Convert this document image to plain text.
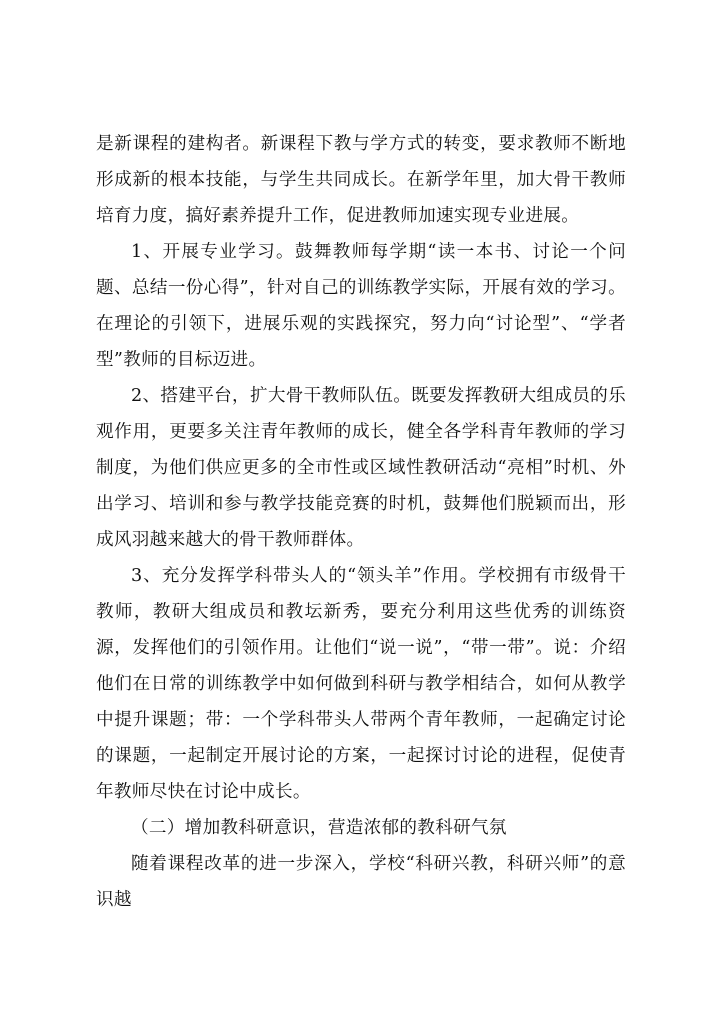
是新课程的建构者。新课程下教与学方式的转变，要求教师不断地形成新的根本技能，与学生共同成长。在新学年里，加大骨干教师培育力度，搞好素养提升工作，促进教师加速实现专业进展。

1、开展专业学习。鼓舞教师每学期“读一本书、讨论一个问题、总结一份心得”，针对自己的训练教学实际，开展有效的学习。在理论的引领下，进展乐观的实践探究，努力向“讨论型”、“学者型”教师的目标迈进。

2、搭建平台，扩大骨干教师队伍。既要发挥教研大组成员的乐观作用，更要多关注青年教师的成长，健全各学科青年教师的学习制度，为他们供应更多的全市性或区域性教研活动“亮相”时机、外出学习、培训和参与教学技能竞赛的时机，鼓舞他们脱颖而出，形成风羽越来越大的骨干教师群体。

3、充分发挥学科带头人的“领头羊”作用。学校拥有市级骨干教师，教研大组成员和教坛新秀，要充分利用这些优秀的训练资源，发挥他们的引领作用。让他们“说一说”，“带一带”。说：介绍他们在日常的训练教学中如何做到科研与教学相结合，如何从教学中提升课题；带：一个学科带头人带两个青年教师，一起确定讨论的课题，一起制定开展讨论的方案，一起探讨讨论的进程，促使青年教师尽快在讨论中成长。

（二）增加教科研意识，营造浓郁的教科研气氛

随着课程改革的进一步深入，学校“科研兴教，科研兴师”的意识越
